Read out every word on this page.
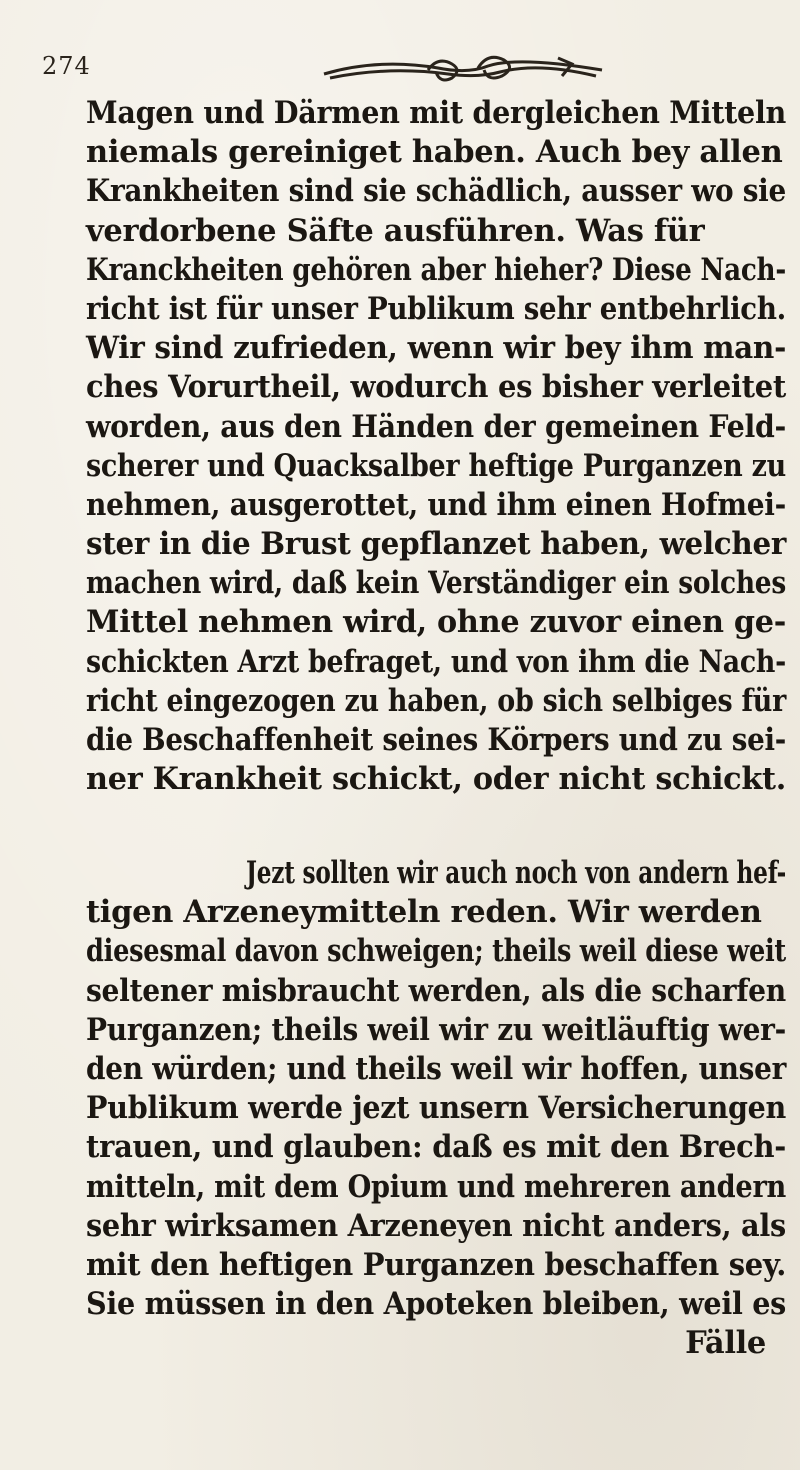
274
Magen und Därmen mit dergleichen Mitteln
niemals gereiniget haben. Auch bey allen
Krankheiten sind sie schädlich, ausser wo sie
verdorbene Säfte ausführen. Was für
Kranckheiten gehören aber hieher? Diese Nach-
richt ist für unser Publikum sehr entbehrlich.
Wir sind zufrieden, wenn wir bey ihm man-
ches Vorurtheil, wodurch es bisher verleitet
worden, aus den Händen der gemeinen Feld-
scherer und Quacksalber heftige Purganzen zu
nehmen, ausgerottet, und ihm einen Hofmei-
ster in die Brust gepflanzet haben, welcher
machen wird, daß kein Verständiger ein solches
Mittel nehmen wird, ohne zuvor einen ge-
schickten Arzt befraget, und von ihm die Nach-
richt eingezogen zu haben, ob sich selbiges für
die Beschaffenheit seines Körpers und zu sei-
ner Krankheit schickt, oder nicht schickt.
Jezt sollten wir auch noch von andern hef-
tigen Arzeneymitteln reden. Wir werden
diesesmal davon schweigen; theils weil diese weit
seltener misbraucht werden, als die scharfen
Purganzen; theils weil wir zu weitläuftig wer-
den würden; und theils weil wir hoffen, unser
Publikum werde jezt unsern Versicherungen
trauen, und glauben: daß es mit den Brech-
mitteln, mit dem Opium und mehreren andern
sehr wirksamen Arzeneyen nicht anders, als
mit den heftigen Purganzen beschaffen sey.
Sie müssen in den Apoteken bleiben, weil es
Fälle
